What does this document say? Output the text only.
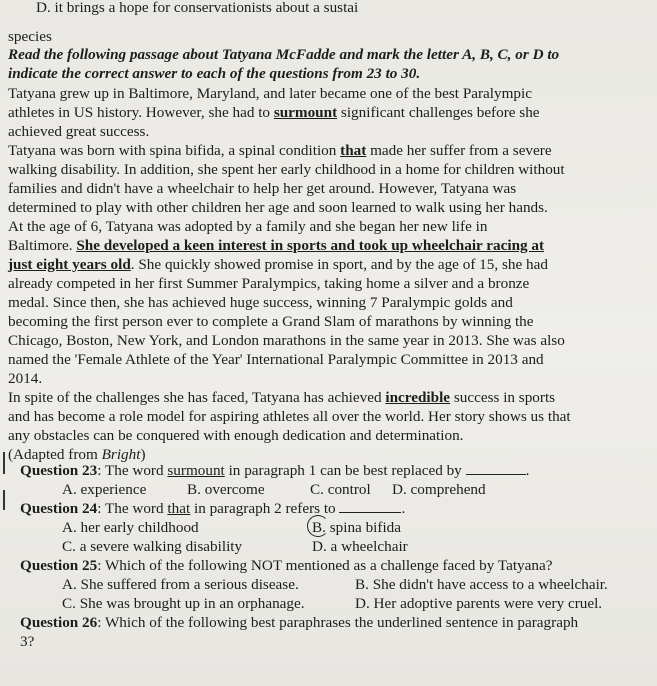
D. it brings a hope for conservationists about a sustai
species
Read the following passage about Tatyana McFadde and mark the letter A, B, C, or D to
indicate the correct answer to each of the questions from 23 to 30.
Tatyana grew up in Baltimore, Maryland, and later became one of the best Paralympic
athletes in US history. However, she had to surmount significant challenges before she
achieved great success.
Tatyana was born with spina bifida, a spinal condition that made her suffer from a severe
walking disability. In addition, she spent her early childhood in a home for children without
families and didn't have a wheelchair to help her get around. However, Tatyana was
determined to play with other children her age and soon learned to walk using her hands.
At the age of 6, Tatyana was adopted by a family and she began her new life in
Baltimore. She developed a keen interest in sports and took up wheelchair racing at
just eight years old. She quickly showed promise in sport, and by the age of 15, she had
already competed in her first Summer Paralympics, taking home a silver and a bronze
medal. Since then, she has achieved huge success, winning 7 Paralympic golds and
becoming the first person ever to complete a Grand Slam of marathons by winning the
Chicago, Boston, New York, and London marathons in the same year in 2013. She was also
named the 'Female Athlete of the Year' International Paralympic Committee in 2013 and
2014.
In spite of the challenges she has faced, Tatyana has achieved incredible success in sports
and has become a role model for aspiring athletes all over the world. Her story shows us that
any obstacles can be conquered with enough dedication and determination.
(Adapted from Bright)
Question 23: The word surmount in paragraph 1 can be best replaced by	.
A. experience	B. overcome	C. control D. comprehend
Question 24: The word that in paragraph 2 refers to	.
A. her early childhood	B. spina bifida
C. a severe walking disability	D. a wheelchair
Question 25: Which of the following NOT mentioned as a challenge faced by Tatyana?
A. She suffered from a serious disease.	B. She didn't have access to a wheelchair.
C. She was brought up in an orphanage.	D. Her adoptive parents were very cruel.
Question 26: Which of the following best paraphrases the underlined sentence in paragraph
3?
